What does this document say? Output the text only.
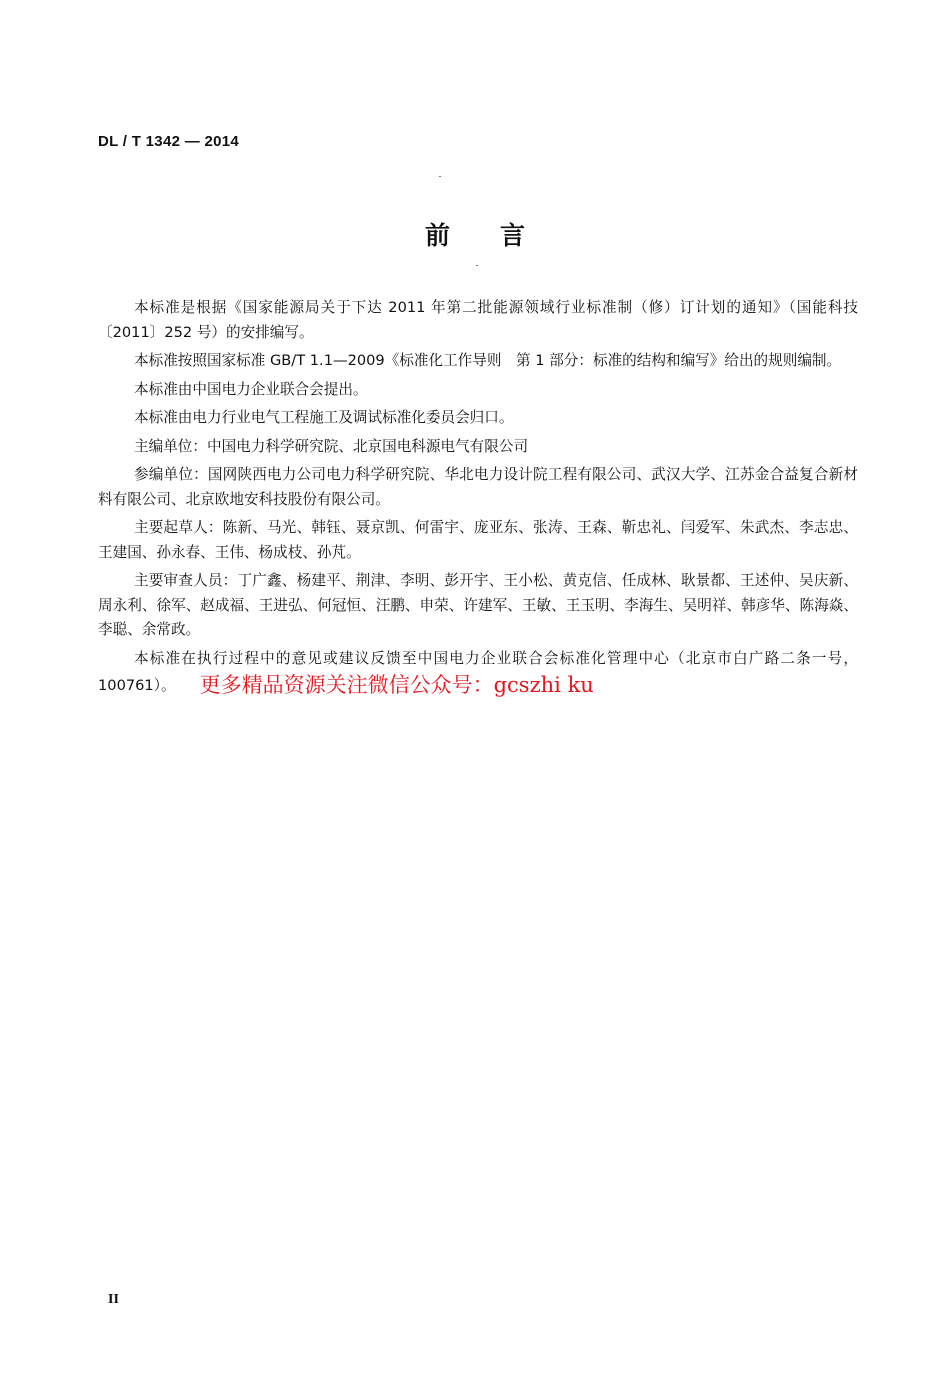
DL / T 1342 — 2014
前言

本标准是根据《国家能源局关于下达 2011 年第二批能源领域行业标准制（修）订计划的通知》（国能科技〔2011〕252 号）的安排编写。

本标准按照国家标准 GB/T 1.1—2009《标准化工作导则　第 1 部分：标准的结构和编写》给出的规则编制。

本标准由中国电力企业联合会提出。

本标准由电力行业电气工程施工及调试标准化委员会归口。

主编单位：中国电力科学研究院、北京国电科源电气有限公司

参编单位：国网陕西电力公司电力科学研究院、华北电力设计院工程有限公司、武汉大学、江苏金合益复合新材料有限公司、北京欧地安科技股份有限公司。

主要起草人：陈新、马光、韩钰、聂京凯、何雷宇、庞亚东、张涛、王森、靳忠礼、闫爱军、朱武杰、李志忠、王建国、孙永春、王伟、杨成枝、孙芃。

主要审查人员：丁广鑫、杨建平、荆津、李明、彭开宇、王小松、黄克信、任成林、耿景都、王述仲、吴庆新、周永利、徐军、赵成福、王进弘、何冠恒、汪鹏、申荣、许建军、王敏、王玉明、李海生、吴明祥、韩彦华、陈海焱、李聪、余常政。

本标准在执行过程中的意见或建议反馈至中国电力企业联合会标准化管理中心（北京市白广路二条一号，100761）。 更多精品资源关注微信公众号：gcszhi ku

II
